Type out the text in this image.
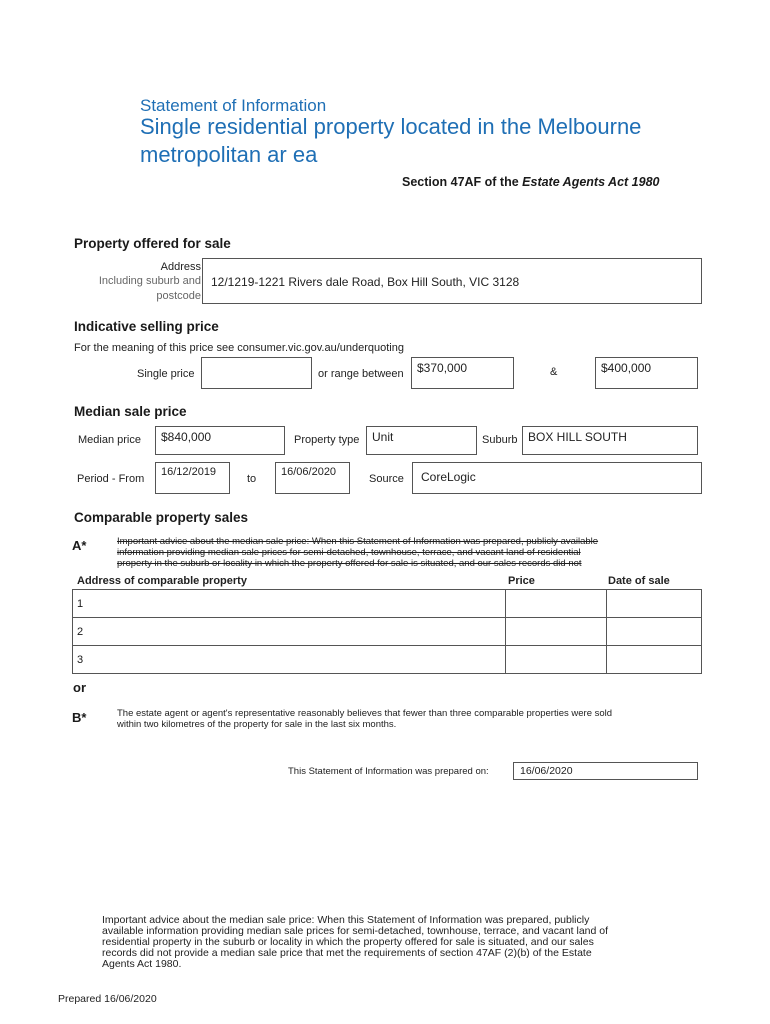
Statement of Information
Single residential property located in the Melbourne
metropolitan ar ea
Section 47AF of the Estate Agents Act 1980
Property offered for sale
Address
Including suburb and
postcode
12/1219-1221 Rivers dale Road, Box Hill South, VIC 3128
Indicative selling price
For the meaning of this price see consumer.vic.gov.au/underquoting
Single price	or range between	$370,000	&	$400,000
Median sale price
Median price	$840,000	Property type	Unit	Suburb BOX HILL SOUTH
Period - From
16/12/2019
to
16/06/2020
Source	CoreLogic
Comparable property sales
A*	Important advice about the median sale price: When this Statement of Information was prepared, publicly available
information providing median sale prices for semi-detached, townhouse, terrace, and vacant land of residential
property in the suburb or locality in which the property offered for sale is situated, and our sales records did not
Address of comparable property	Price	Date of sale
1		
2		
3		
or
B*	The estate agent or agent's representative reasonably believes that fewer than three comparable properties were sold
within two kilometres of the property for sale in the last six months.
This Statement of Information was prepared on:	16/06/2020
Important advice about the median sale price: When this Statement of Information was prepared, publicly
available information providing median sale prices for semi-detached, townhouse, terrace, and vacant land of
residential property in the suburb or locality in which the property offered for sale is situated, and our sales
records did not provide a median sale price that met the requirements of section 47AF (2)(b) of the Estate
Agents Act 1980.
Prepared 16/06/2020
